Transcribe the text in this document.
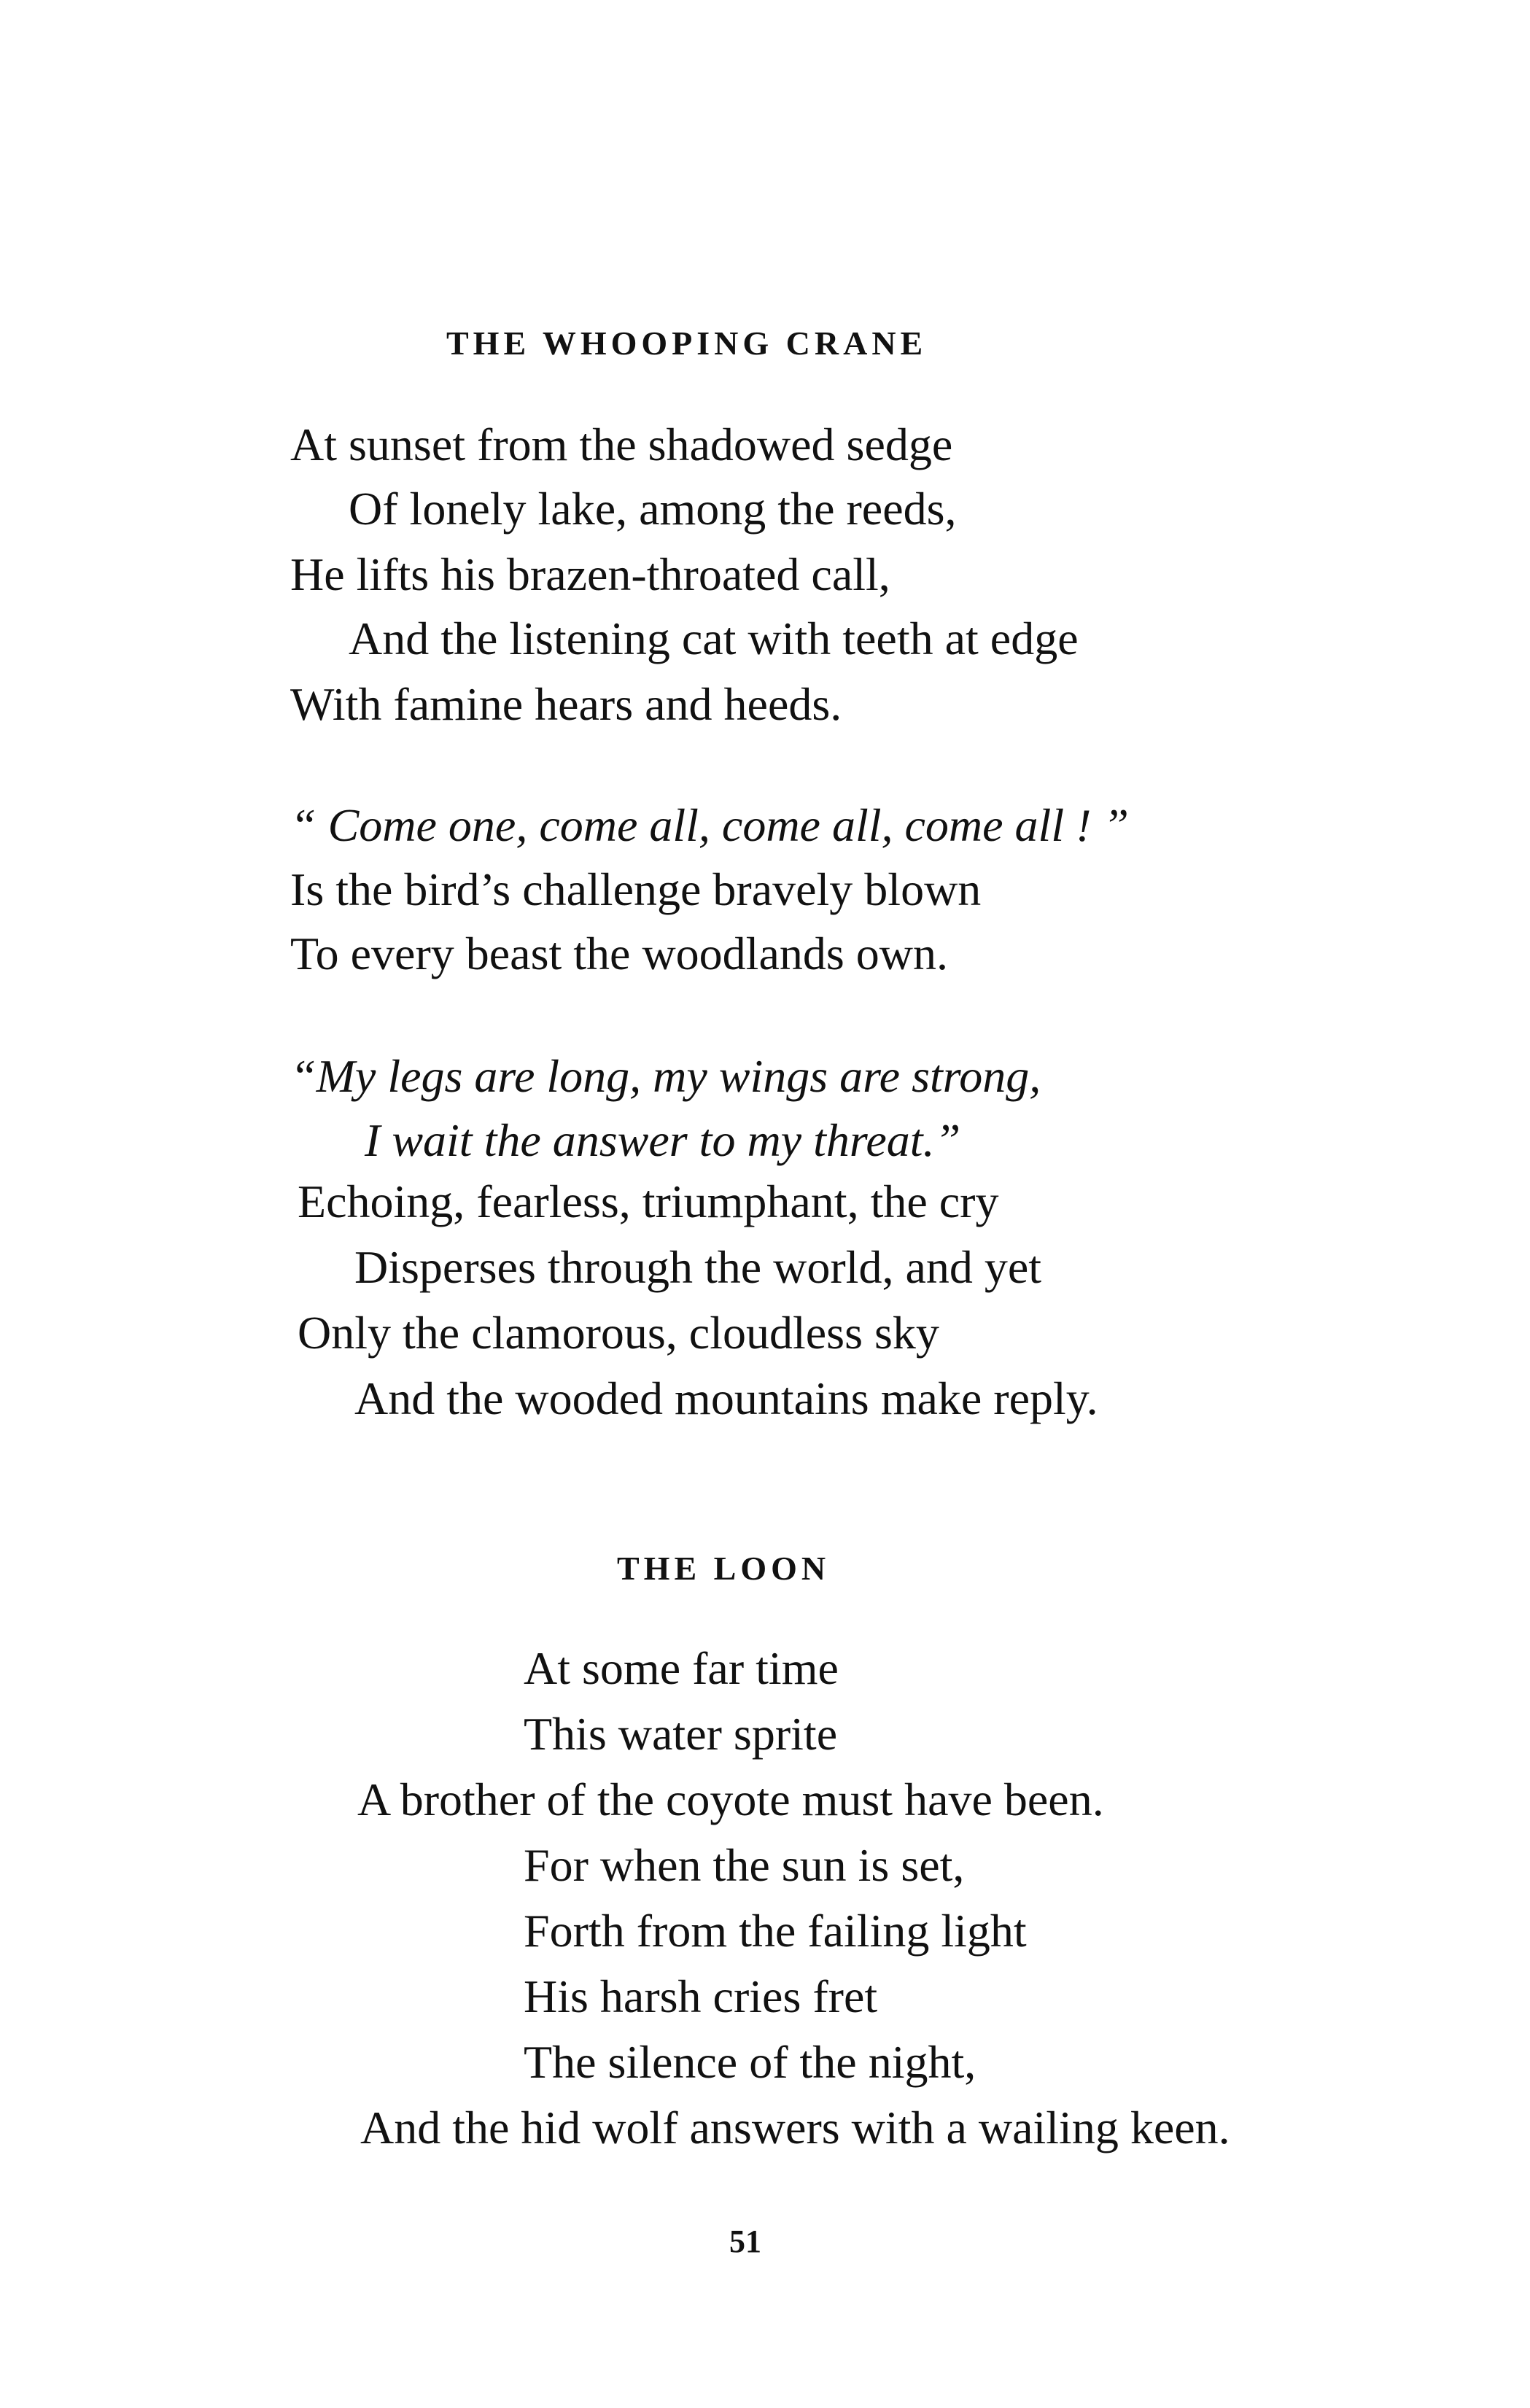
THE WHOOPING CRANE
At sunset from the shadowed sedge
Of lonely lake, among the reeds,
He lifts his brazen-throated call,
And the listening cat with teeth at edge
With famine hears and heeds.
“ Come one, come all, come all, come all ! ”
Is the bird’s challenge bravely blown
To every beast the woodlands own.
“My legs are long, my wings are strong,
I wait the answer to my threat.”
Echoing, fearless, triumphant, the cry
Disperses through the world, and yet
Only the clamorous, cloudless sky
And the wooded mountains make reply.
THE LOON
At some far time
This water sprite
A brother of the coyote must have been.
For when the sun is set,
Forth from the failing light
His harsh cries fret
The silence of the night,
And the hid wolf answers with a wailing keen.
51
